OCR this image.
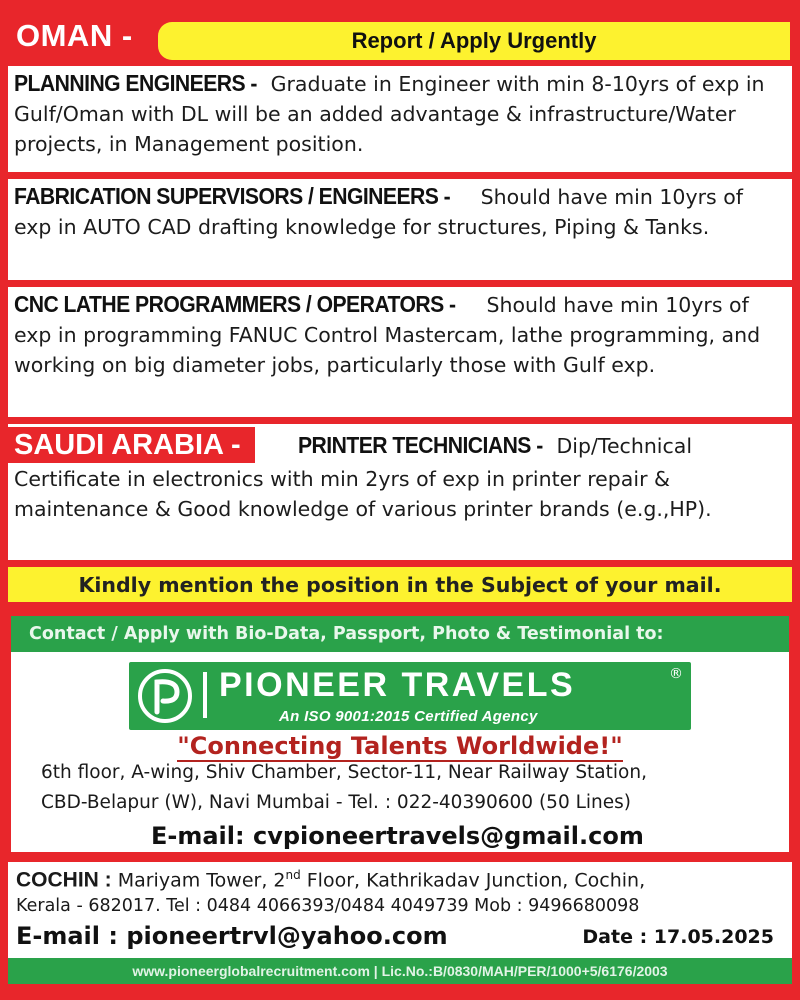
OMAN -	Report / Apply Urgently
PLANNING ENGINEERS - Graduate in Engineer with min 8-10yrs of exp in Gulf/Oman with DL will be an added advantage & infrastructure/Water projects, in Management position.
FABRICATION SUPERVISORS / ENGINEERS - Should have min 10yrs of exp in AUTO CAD drafting knowledge for structures, Piping & Tanks.
CNC LATHE PROGRAMMERS / OPERATORS - Should have min 10yrs of exp in programming FANUC Control Mastercam, lathe programming, and working on big diameter jobs, particularly those with Gulf exp.
PRINTER TECHNICIANS - Dip/Technical
Certificate in electronics with min 2yrs of exp in printer repair & maintenance & Good knowledge of various printer brands (e.g.,HP).
SAUDI ARABIA -
Kindly mention the position in the Subject of your mail.
Contact / Apply with Bio-Data, Passport, Photo & Testimonial to:
PIONEER TRAVELS	®
An ISO 9001:2015 Certified Agency
"Connecting Talents Worldwide!"
6th floor, A-wing, Shiv Chamber, Sector-11, Near Railway Station,
CBD-Belapur (W), Navi Mumbai - Tel. : 022-40390600 (50 Lines)
E-mail: cvpioneertravels@gmail.com
COCHIN : Mariyam Tower, 2nd Floor, Kathrikadav Junction, Cochin,
Kerala - 682017. Tel : 0484 4066393/0484 4049739 Mob : 9496680098
E-mail : pioneertrvl@yahoo.com	Date : 17.05.2025
www.pioneerglobalrecruitment.com | Lic.No.:B/0830/MAH/PER/1000+5/6176/2003
